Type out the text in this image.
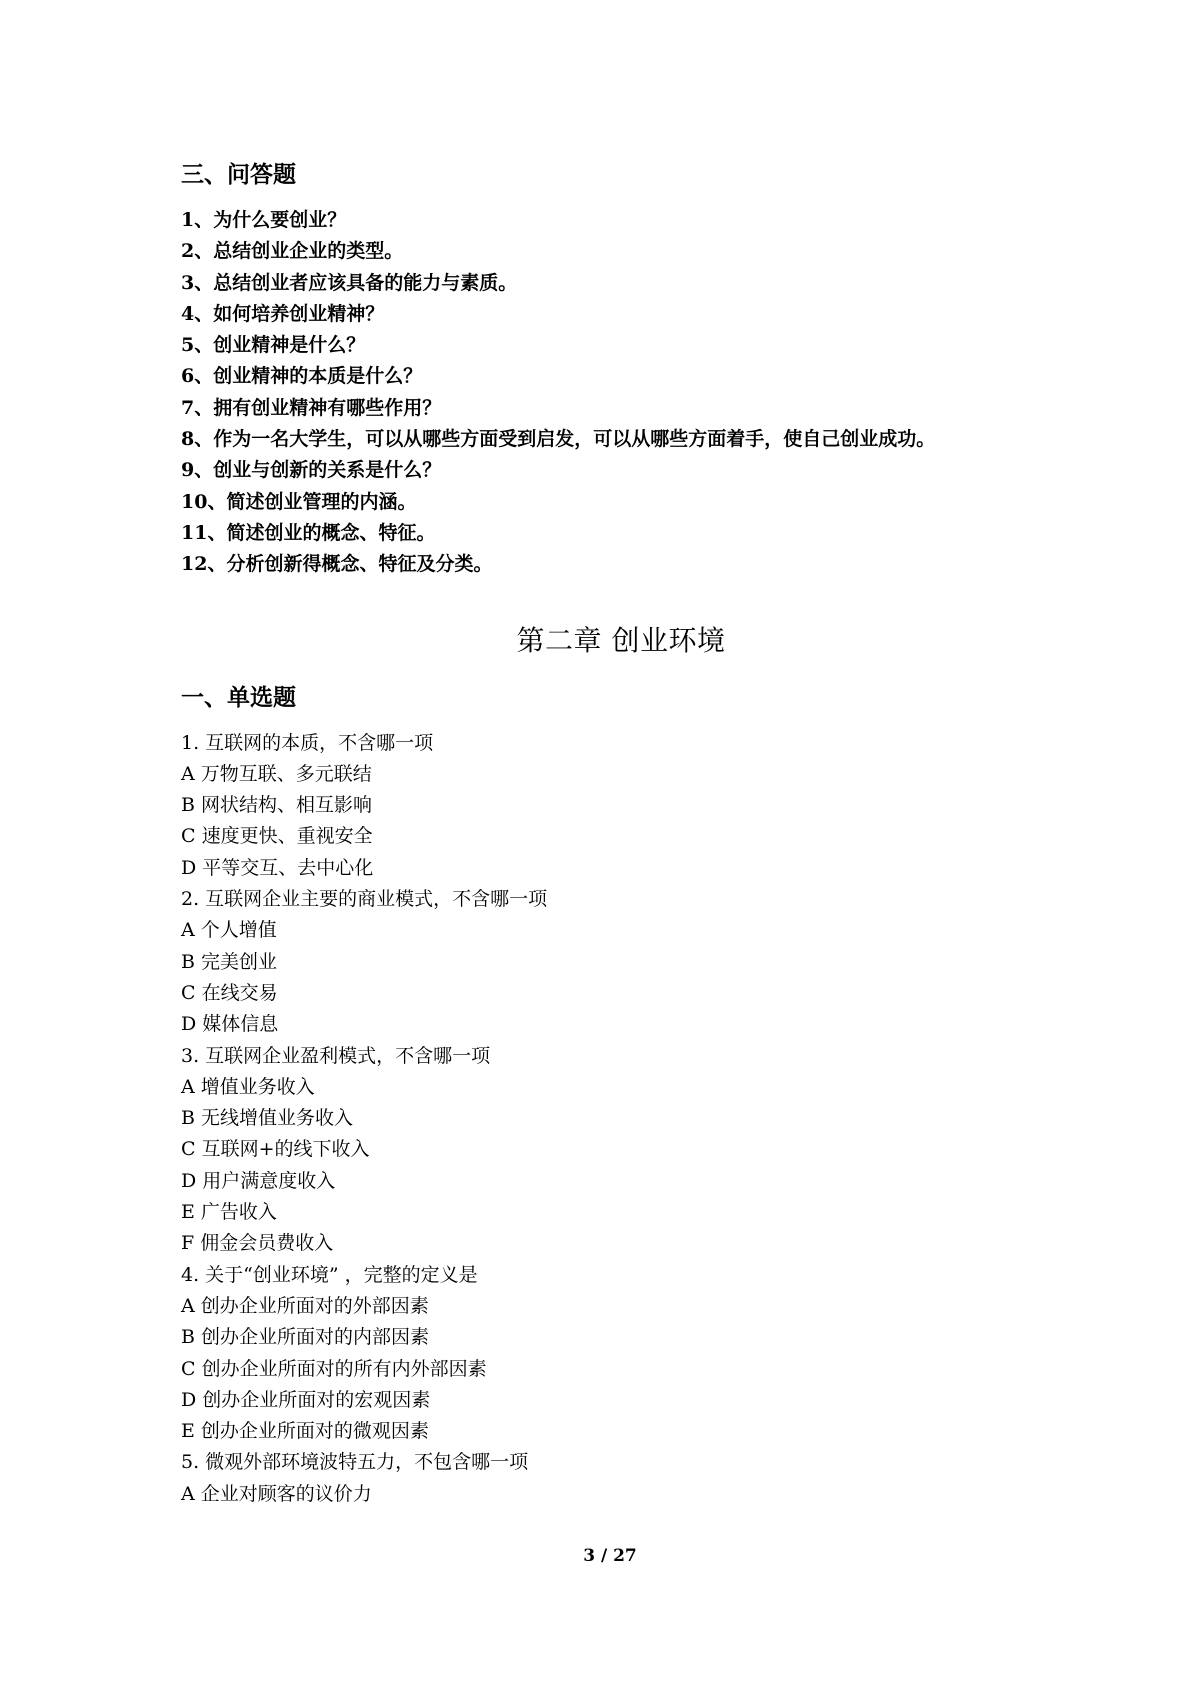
三、问答题
1、为什么要创业？
2、总结创业企业的类型。
3、总结创业者应该具备的能力与素质。
4、如何培养创业精神？
5、创业精神是什么？
6、创业精神的本质是什么？
7、拥有创业精神有哪些作用？
8、作为一名大学生，可以从哪些方面受到启发，可以从哪些方面着手，使自己创业成功。
9、创业与创新的关系是什么？
10、简述创业管理的内涵。
11、简述创业的概念、特征。
12、分析创新得概念、特征及分类。
第二章 创业环境
一、单选题
1. 互联网的本质，不含哪一项
A 万物互联、多元联结
B 网状结构、相互影响
C 速度更快、重视安全
D 平等交互、去中心化
2. 互联网企业主要的商业模式，不含哪一项
A 个人增值
B 完美创业
C 在线交易
D 媒体信息
3. 互联网企业盈利模式，不含哪一项
A 增值业务收入
B 无线增值业务收入
C 互联网+的线下收入
D 用户满意度收入
E 广告收入
F 佣金会员费收入
4. 关于“创业环境” ，完整的定义是
A 创办企业所面对的外部因素
B 创办企业所面对的内部因素
C 创办企业所面对的所有内外部因素
D 创办企业所面对的宏观因素
E 创办企业所面对的微观因素
5. 微观外部环境波特五力，不包含哪一项
A 企业对顾客的议价力
3 / 27
